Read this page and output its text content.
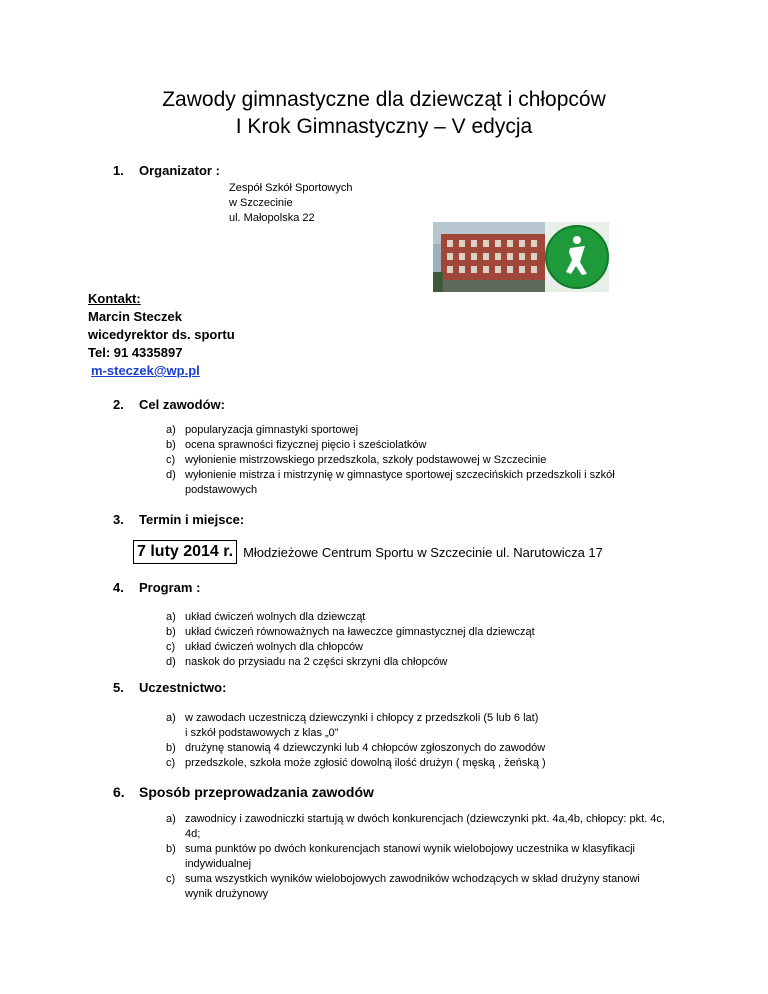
Zawody gimnastyczne dla dziewcząt i chłopców
I Krok Gimnastyczny – V edycja
1. Organizator :
Zespół Szkół Sportowych
w Szczecinie
ul. Małopolska 22
Kontakt:
Marcin Steczek
wicedyrektor ds. sportu
Tel: 91 4335897
m-steczek@wp.pl
2. Cel zawodów:
a) popularyzacja gimnastyki sportowej
b) ocena sprawności fizycznej pięcio i sześciolatków
c) wyłonienie mistrzowskiego przedszkola, szkoły podstawowej w Szczecinie
d) wyłonienie mistrza i mistrzynię w gimnastyce sportowej szczecińskich przedszkoli i szkół podstawowych
3. Termin i miejsce:
7 luty 2014 r. Młodzieżowe Centrum Sportu w Szczecinie ul. Narutowicza 17
4. Program :
a) układ ćwiczeń wolnych dla dziewcząt
b) układ ćwiczeń równoważnych na ławeczce gimnastycznej dla dziewcząt
c) układ ćwiczeń wolnych dla chłopców
d) naskok do przysiadu na 2 części skrzyni dla chłopców
5. Uczestnictwo:
a) w zawodach uczestniczą dziewczynki i chłopcy z przedszkoli (5 lub 6 lat)
i szkół podstawowych z klas „0”
b) drużynę stanowią 4 dziewczynki lub 4 chłopców zgłoszonych do zawodów
c) przedszkole, szkoła może zgłosić dowolną ilość drużyn ( męską , żeńską )
6. Sposób przeprowadzania zawodów
a) zawodnicy i zawodniczki startują w dwóch konkurencjach (dziewczynki pkt. 4a,4b, chłopcy: pkt. 4c, 4d;
b) suma punktów po dwóch konkurencjach stanowi wynik wielobojowy uczestnika w klasyfikacji indywidualnej
c) suma wszystkich wyników wielobojowych zawodników wchodzących w skład drużyny stanowi wynik drużynowy
